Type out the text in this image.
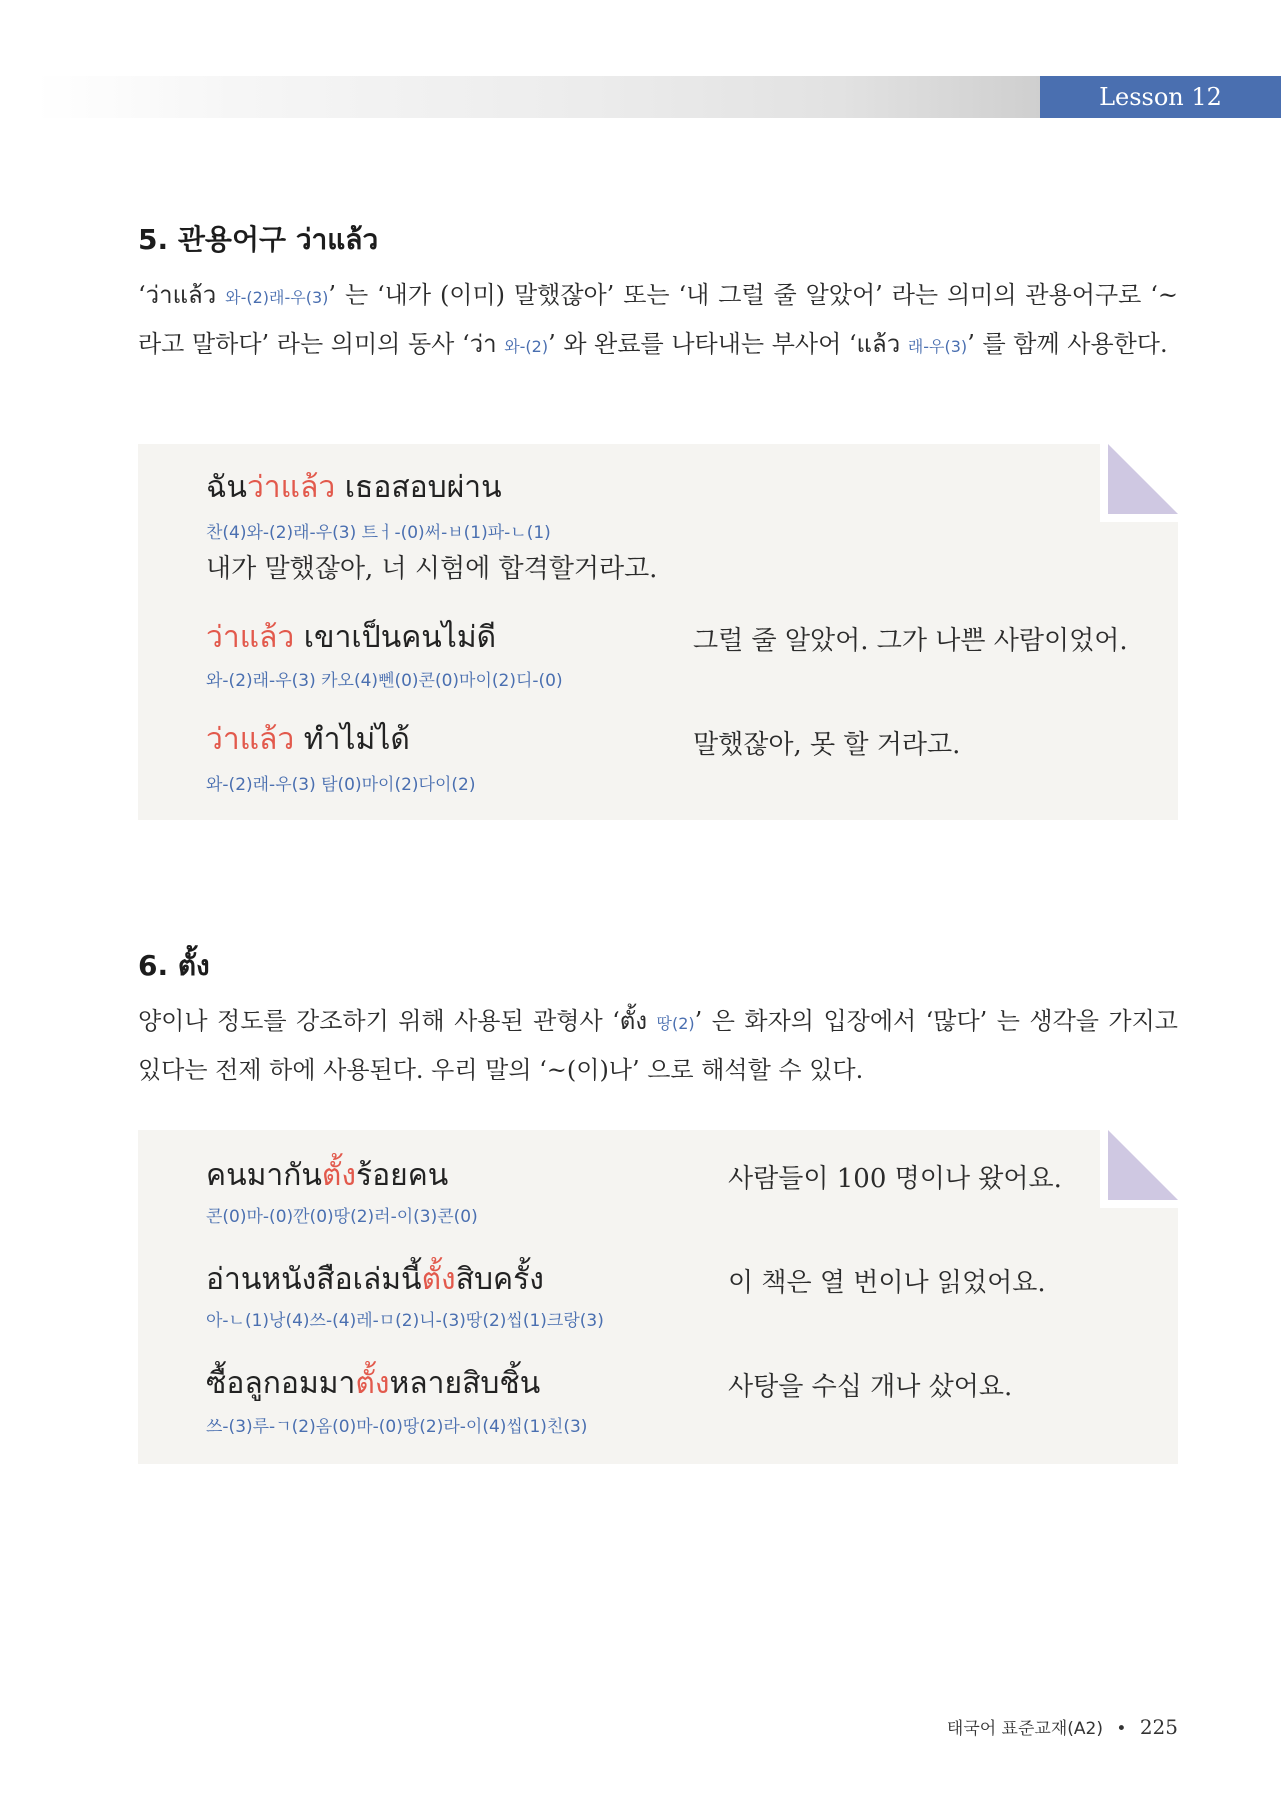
Lesson 12
5. 관용어구 ว่าแล้ว
‘ว่าแล้ว 와-(2)래-우(3)’ 는 ‘내가 (이미) 말했잖아’ 또는 ‘내 그럴 줄 알았어’ 라는 의미의 관용어구로 ‘~라고 말하다’ 라는 의미의 동사 ‘ว่า 와-(2)’ 와 완료를 나타내는 부사어 ‘แล้ว 래-우(3)’ 를 함께 사용한다.
ฉันว่าแล้ว เธอสอบผ่าน
찬(4)와-(2)래-우(3) 트ㅓ-(0)써-ㅂ(1)파-ㄴ(1)
내가 말했잖아, 너 시험에 합격할거라고.
ว่าแล้ว เขาเป็นคนไม่ดี
와-(2)래-우(3) 카오(4)뻰(0)콘(0)마이(2)디-(0)
그럴 줄 알았어. 그가 나쁜 사람이었어.
ว่าแล้ว ทำไม่ได้
와-(2)래-우(3) 탐(0)마이(2)다이(2)
말했잖아, 못 할 거라고.
6. ตั้ง
양이나 정도를 강조하기 위해 사용된 관형사 ‘ตั้ง 땅(2)’ 은 화자의 입장에서 ‘많다’ 는 생각을 가지고 있다는 전제 하에 사용된다. 우리 말의 ‘~(이)나’ 으로 해석할 수 있다.
คนมากันตั้งร้อยคน
콘(0)마-(0)깐(0)땅(2)러-이(3)콘(0)
사람들이 100 명이나 왔어요.
อ่านหนังสือเล่มนี้ตั้งสิบครั้ง
아-ㄴ(1)낭(4)쓰-(4)레-ㅁ(2)니-(3)땅(2)씹(1)크랑(3)
이 책은 열 번이나 읽었어요.
ซื้อลูกอมมาตั้งหลายสิบชิ้น
쓰-(3)루-ㄱ(2)옴(0)마-(0)땅(2)라-이(4)씹(1)친(3)
사탕을 수십 개나 샀어요.
태국어 표준교재(A2) • 225
